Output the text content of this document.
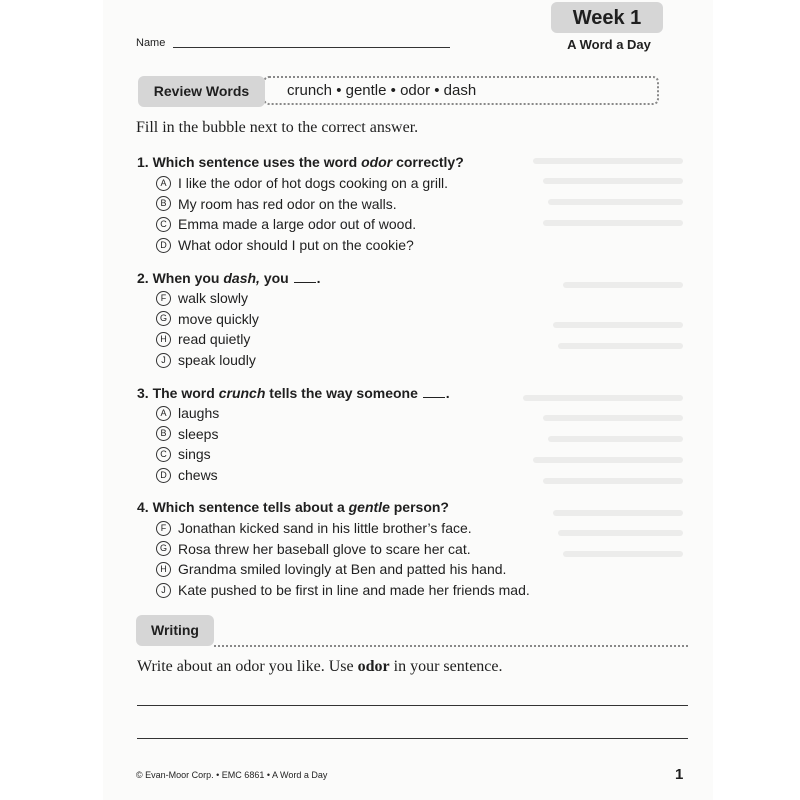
Name
Week 1
A Word a Day
Review Words	crunch • gentle • odor • dash
Fill in the bubble next to the correct answer.
1. Which sentence uses the word odor correctly?
A I like the odor of hot dogs cooking on a grill.
B My room has red odor on the walls.
C Emma made a large odor out of wood.
D What odor should I put on the cookie?
2. When you dash, you .
F walk slowly
G move quickly
H read quietly
J speak loudly
3. The word crunch tells the way someone .
A laughs
B sleeps
C sings
D chews
4. Which sentence tells about a gentle person?
F Jonathan kicked sand in his little brother’s face.
G Rosa threw her baseball glove to scare her cat.
H Grandma smiled lovingly at Ben and patted his hand.
J Kate pushed to be first in line and made her friends mad.
Writing
Write about an odor you like. Use odor in your sentence.
© Evan-Moor Corp. • EMC 6861 • A Word a Day	1
